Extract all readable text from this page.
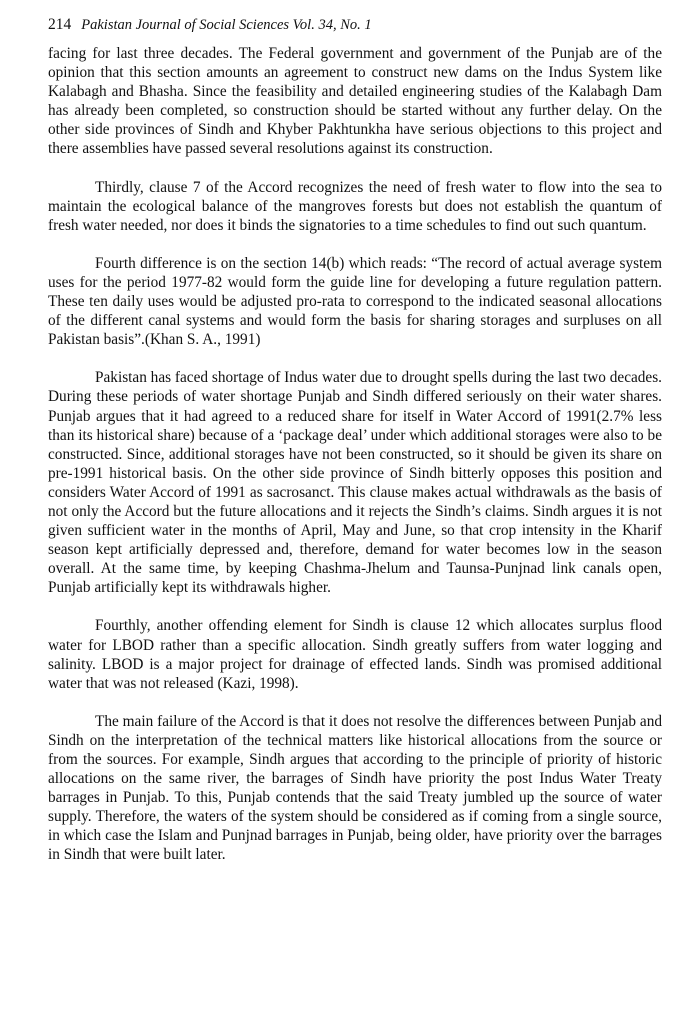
214 Pakistan Journal of Social Sciences Vol. 34, No. 1

facing for last three decades. The Federal government and government of the Punjab are of the opinion that this section amounts an agreement to construct new dams on the Indus System like Kalabagh and Bhasha. Since the feasibility and detailed engineering studies of the Kalabagh Dam has already been completed, so construction should be started without any further delay. On the other side provinces of Sindh and Khyber Pakhtunkha have serious objections to this project and there assemblies have passed several resolutions against its construction.

Thirdly, clause 7 of the Accord recognizes the need of fresh water to flow into the sea to maintain the ecological balance of the mangroves forests but does not establish the quantum of fresh water needed, nor does it binds the signatories to a time schedules to find out such quantum.

Fourth difference is on the section 14(b) which reads: “The record of actual average system uses for the period 1977-82 would form the guide line for developing a future regulation pattern. These ten daily uses would be adjusted pro-rata to correspond to the indicated seasonal allocations of the different canal systems and would form the basis for sharing storages and surpluses on all Pakistan basis”.(Khan S. A., 1991)

Pakistan has faced shortage of Indus water due to drought spells during the last two decades. During these periods of water shortage Punjab and Sindh differed seriously on their water shares. Punjab argues that it had agreed to a reduced share for itself in Water Accord of 1991(2.7% less than its historical share) because of a ‘package deal’ under which additional storages were also to be constructed. Since, additional storages have not been constructed, so it should be given its share on pre-1991 historical basis. On the other side province of Sindh bitterly opposes this position and considers Water Accord of 1991 as sacrosanct. This clause makes actual withdrawals as the basis of not only the Accord but the future allocations and it rejects the Sindh’s claims. Sindh argues it is not given sufficient water in the months of April, May and June, so that crop intensity in the Kharif season kept artificially depressed and, therefore, demand for water becomes low in the season overall. At the same time, by keeping Chashma-Jhelum and Taunsa-Punjnad link canals open, Punjab artificially kept its withdrawals higher.

Fourthly, another offending element for Sindh is clause 12 which allocates surplus flood water for LBOD rather than a specific allocation. Sindh greatly suffers from water logging and salinity. LBOD is a major project for drainage of effected lands. Sindh was promised additional water that was not released (Kazi, 1998).

The main failure of the Accord is that it does not resolve the differences between Punjab and Sindh on the interpretation of the technical matters like historical allocations from the source or from the sources. For example, Sindh argues that according to the principle of priority of historic allocations on the same river, the barrages of Sindh have priority the post Indus Water Treaty barrages in Punjab. To this, Punjab contends that the said Treaty jumbled up the source of water supply. Therefore, the waters of the system should be considered as if coming from a single source, in which case the Islam and Punjnad barrages in Punjab, being older, have priority over the barrages in Sindh that were built later.
